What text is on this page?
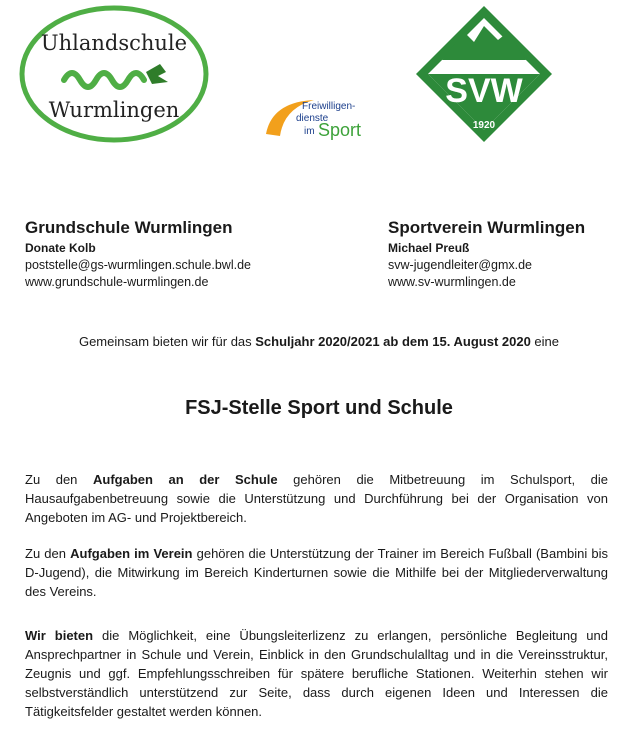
Uhlandschule
Wurmlingen	Freiwilligen-
dienste
im Sport
SVW
1920
Grundschule Wurmlingen
Donate Kolb
poststelle@gs-wurmlingen.schule.bwl.de
www.grundschule-wurmlingen.de
Sportverein Wurmlingen
Michael Preuß
svw-jugendleiter@gmx.de
www.sv-wurmlingen.de
Gemeinsam bieten wir für das Schuljahr 2020/2021 ab dem 15. August 2020 eine
FSJ-Stelle Sport und Schule
Zu den Aufgaben an der Schule gehören die Mitbetreuung im Schulsport, die Hausaufgabenbetreuung sowie die Unterstützung und Durchführung bei der Organisation von Angeboten im AG- und Projektbereich.
Zu den Aufgaben im Verein gehören die Unterstützung der Trainer im Bereich Fußball (Bambini bis D-Jugend), die Mitwirkung im Bereich Kinderturnen sowie die Mithilfe bei der Mitgliederverwaltung des Vereins.
Wir bieten die Möglichkeit, eine Übungsleiterlizenz zu erlangen, persönliche Begleitung und Ansprechpartner in Schule und Verein, Einblick in den Grundschulalltag und in die Vereinsstruktur, Zeugnis und ggf. Empfehlungsschreiben für spätere berufliche Stationen. Weiterhin stehen wir selbstverständlich unterstützend zur Seite, dass durch eigenen Ideen und Interessen die Tätigkeitsfelder gestaltet werden können.
